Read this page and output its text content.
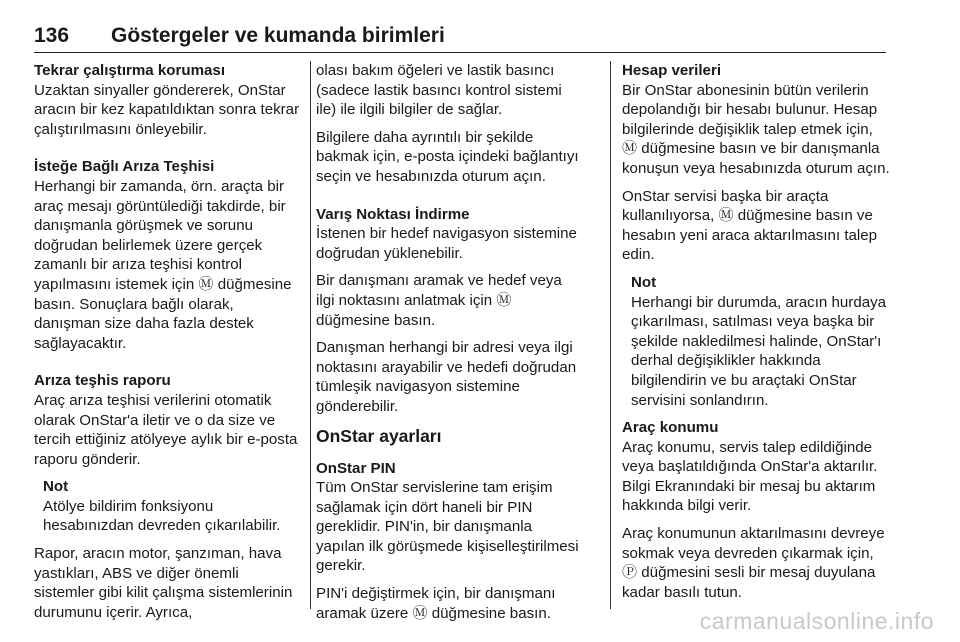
136 Göstergeler ve kumanda birimleri
Tekrar çalıştırma koruması

Uzaktan sinyaller göndererek, OnStar aracın bir kez kapatıldıktan sonra tekrar çalıştırılmasını önleyebilir.

İsteğe Bağlı Arıza Teşhisi

Herhangi bir zamanda, örn. araçta bir araç mesajı görüntülediği takdirde, bir danışmanla görüşmek ve sorunu doğrudan belirlemek üzere gerçek zamanlı bir arıza teşhisi kontrol yapılmasını istemek için Ⓜ düğmesine basın. Sonuçlara bağlı olarak, danışman size daha fazla destek sağlayacaktır.

Arıza teşhis raporu

Araç arıza teşhisi verilerini otomatik olarak OnStar'a iletir ve o da size ve tercih ettiğiniz atölyeye aylık bir e-posta raporu gönderir.

Not

Atölye bildirim fonksiyonu hesabınızdan devreden çıkarılabilir.

Rapor, aracın motor, şanzıman, hava yastıkları, ABS ve diğer önemli sistemler gibi kilit çalışma sistemlerinin durumunu içerir. Ayrıca,

olası bakım öğeleri ve lastik basıncı (sadece lastik basıncı kontrol sistemi ile) ile ilgili bilgiler de sağlar.

Bilgilere daha ayrıntılı bir şekilde bakmak için, e-posta içindeki bağlantıyı seçin ve hesabınızda oturum açın.

Varış Noktası İndirme

İstenen bir hedef navigasyon sistemine doğrudan yüklenebilir.

Bir danışmanı aramak ve hedef veya ilgi noktasını anlatmak için Ⓜ düğmesine basın.

Danışman herhangi bir adresi veya ilgi noktasını arayabilir ve hedefi doğrudan tümleşik navigasyon sistemine gönderebilir.

OnStar ayarları
OnStar PIN

Tüm OnStar servislerine tam erişim sağlamak için dört haneli bir PIN gereklidir. PIN'in, bir danışmanla yapılan ilk görüşmede kişiselleştirilmesi gerekir.

PIN'i değiştirmek için, bir danışmanı aramak üzere Ⓜ düğmesine basın.

Hesap verileri

Bir OnStar abonesinin bütün verilerin depolandığı bir hesabı bulunur. Hesap bilgilerinde değişiklik talep etmek için, Ⓜ düğmesine basın ve bir danışmanla konuşun veya hesabınızda oturum açın.

OnStar servisi başka bir araçta kullanılıyorsa, Ⓜ düğmesine basın ve hesabın yeni araca aktarılmasını talep edin.

Not

Herhangi bir durumda, aracın hurdaya çıkarılması, satılması veya başka bir şekilde nakledilmesi halinde, OnStar'ı derhal değişiklikler hakkında bilgilendirin ve bu araçtaki OnStar servisini sonlandırın.

Araç konumu

Araç konumu, servis talep edildiğinde veya başlatıldığında OnStar'a aktarılır. Bilgi Ekranındaki bir mesaj bu aktarım hakkında bilgi verir.

Araç konumunun aktarılmasını devreye sokmak veya devreden çıkarmak için, Ⓟ düğmesini sesli bir mesaj duyulana kadar basılı tutun.

carmanualsonline.info
